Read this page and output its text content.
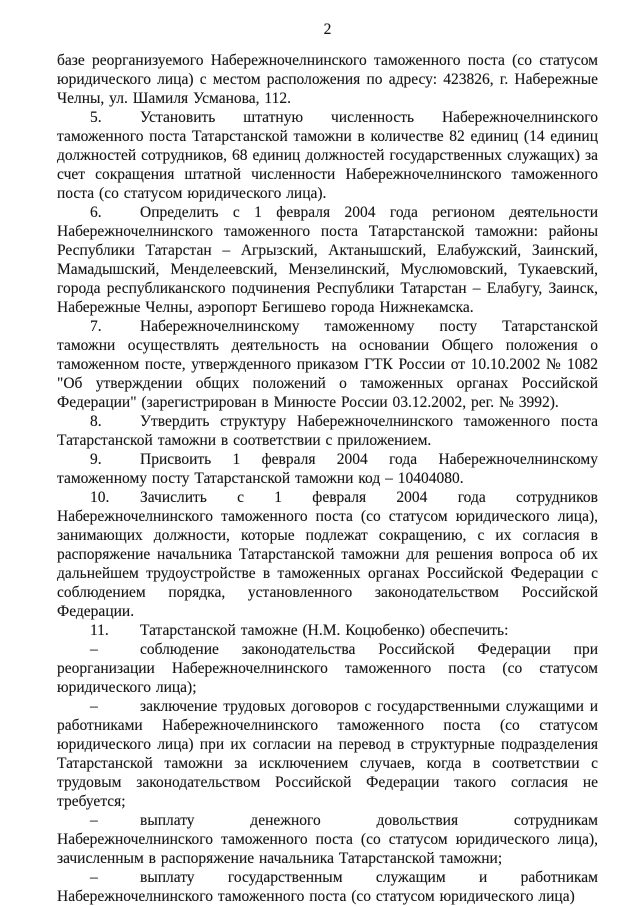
2

базе реорганизуемого Набережночелнинского таможенного поста (со статусом юридического лица) с местом расположения по адресу: 423826, г. Набережные Челны, ул. Шамиля Усманова, 112.

5. Установить штатную численность Набережночелнинского таможенного поста Татарстанской таможни в количестве 82 единиц (14 единиц должностей сотрудников, 68 единиц должностей государственных служащих) за счет сокращения штатной численности Набережночелнинского таможенного поста (со статусом юридического лица).

6. Определить с 1 февраля 2004 года регионом деятельности Набережночелнинского таможенного поста Татарстанской таможни: районы Республики Татарстан – Агрызский, Актанышский, Елабужский, Заинский, Мамадышский, Менделеевский, Мензелинский, Муслюмовский, Тукаевский, города республиканского подчинения Республики Татарстан – Елабугу, Заинск, Набережные Челны, аэропорт Бегишево города Нижнекамска.

7. Набережночелнинскому таможенному посту Татарстанской таможни осуществлять деятельность на основании Общего положения о таможенном посте, утвержденного приказом ГТК России от 10.10.2002 № 1082 "Об утверждении общих положений о таможенных органах Российской Федерации" (зарегистрирован в Минюсте России 03.12.2002, рег. № 3992).

8. Утвердить структуру Набережночелнинского таможенного поста Татарстанской таможни в соответствии с приложением.

9. Присвоить 1 февраля 2004 года Набережночелнинскому таможенному посту Татарстанской таможни код – 10404080.

10. Зачислить с 1 февраля 2004 года сотрудников Набережночелнинского таможенного поста (со статусом юридического лица), занимающих должности, которые подлежат сокращению, с их согласия в распоряжение начальника Татарстанской таможни для решения вопроса об их дальнейшем трудоустройстве в таможенных органах Российской Федерации с соблюдением порядка, установленного законодательством Российской Федерации.

11. Татарстанской таможне (Н.М. Коцюбенко) обеспечить:

–	соблюдение законодательства Российской Федерации при реорганизации Набережночелнинского таможенного поста (со статусом юридического лица);

–	заключение трудовых договоров с государственными служащими и работниками Набережночелнинского таможенного поста (со статусом юридического лица) при их согласии на перевод в структурные подразделения Татарстанской таможни за исключением случаев, когда в соответствии с трудовым законодательством Российской Федерации такого согласия не требуется;

–	выплату денежного довольствия сотрудникам Набережночелнинского таможенного поста (со статусом юридического лица), зачисленным в распоряжение начальника Татарстанской таможни;

–	выплату государственным служащим и работникам Набережночелнинского таможенного поста (со статусом юридического лица)
